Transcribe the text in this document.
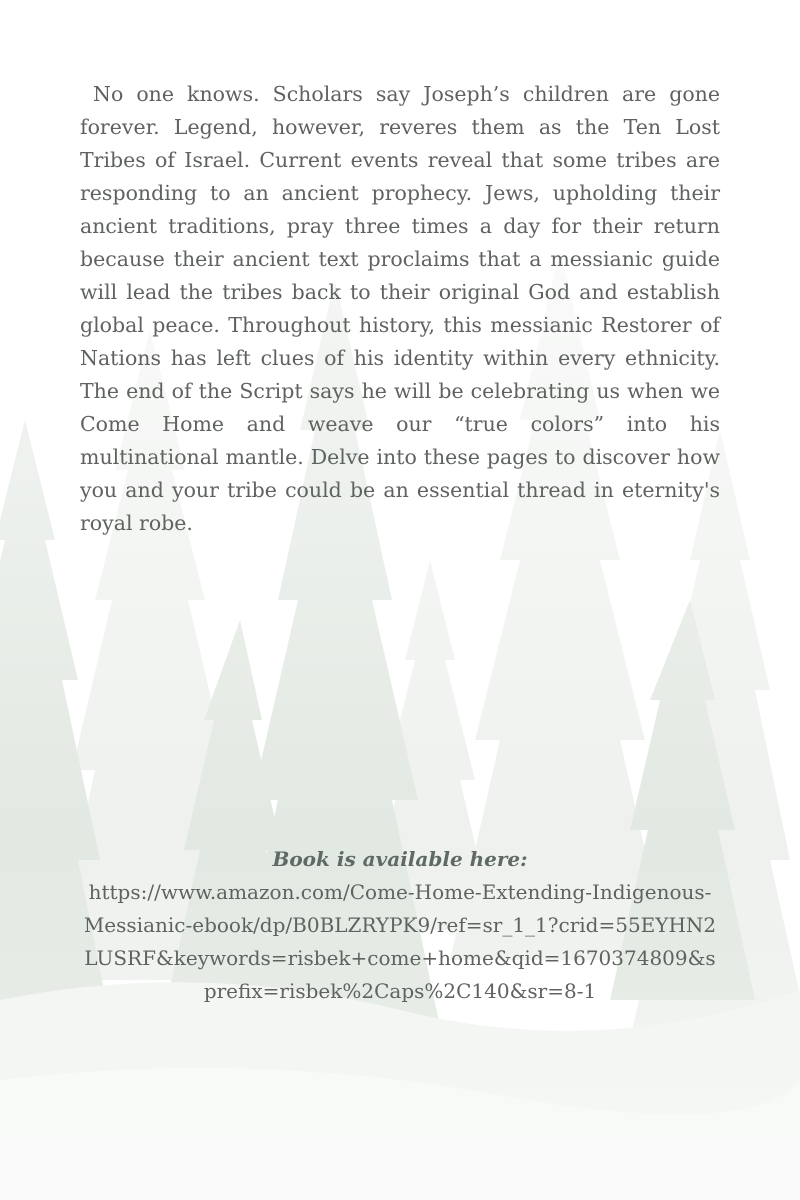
No one knows. Scholars say Joseph’s children are gone forever. Legend, however, reveres them as the Ten Lost Tribes of Israel. Current events reveal that some tribes are responding to an ancient prophecy. Jews, upholding their ancient traditions, pray three times a day for their return because their ancient text proclaims that a messianic guide will lead the tribes back to their original God and establish global peace. Throughout history, this messianic Restorer of Nations has left clues of his identity within every ethnicity. The end of the Script says he will be celebrating us when we Come Home and weave our “true colors” into his multinational mantle. Delve into these pages to discover how you and your tribe could be an essential thread in eternity's royal robe.

Book is available here:

https://www.amazon.com/Come-Home-Extending-Indigenous-Messianic-ebook/dp/B0BLZRYPK9/ref=sr_1_1?crid=55EYHN2LUSRF&keywords=risbek+come+home&qid=1670374809&sprefix=risbek%2Caps%2C140&sr=8-1
